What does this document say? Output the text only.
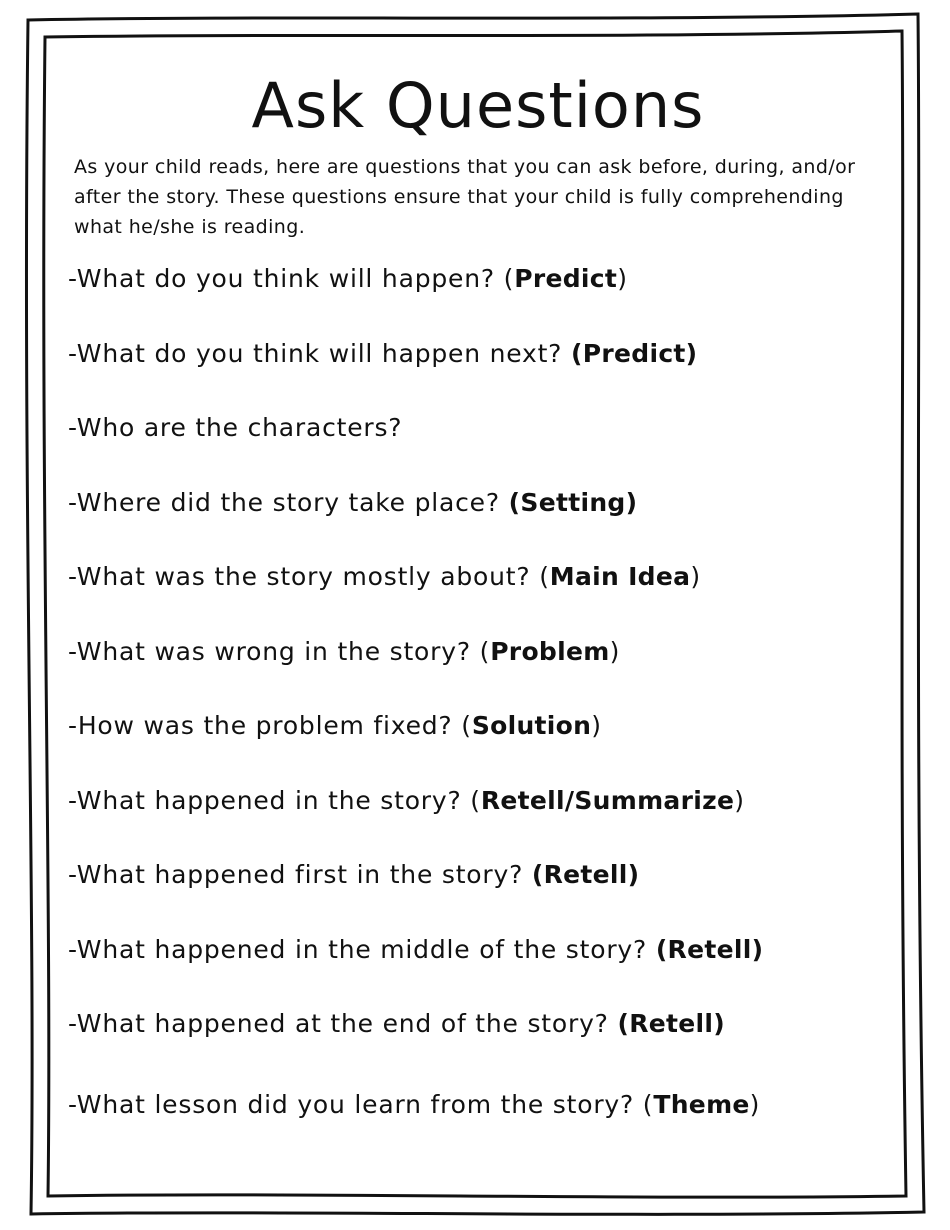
Ask Questions

As your child reads, here are questions that you can ask before, during, and/or after the story. These questions ensure that your child is fully comprehending what he/she is reading.

-What do you think will happen? (Predict)
-What do you think will happen next? (Predict)
-Who are the characters?
-Where did the story take place? (Setting)
-What was the story mostly about? (Main Idea)
-What was wrong in the story? (Problem)
-How was the problem fixed? (Solution)
-What happened in the story? (Retell/Summarize)
-What happened first in the story? (Retell)
-What happened in the middle of the story? (Retell)
-What happened at the end of the story? (Retell)
-What lesson did you learn from the story? (Theme)
